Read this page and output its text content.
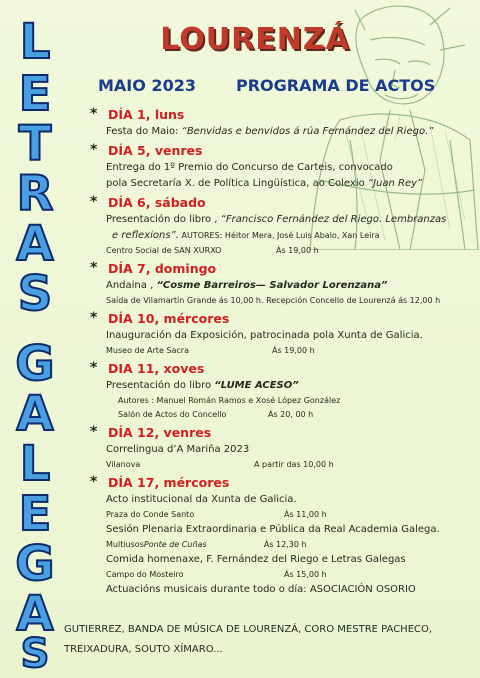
L
E
T
R
A
S
G
A
L
E
G
A
S
LOURENZÁ
MAIO 2023	PROGRAMA DE ACTOS
* DÍA 1, luns
Festa do Maio: “Benvidas e benvidos á rúa Fernández del Riego.”
* DÍA 5, venres
Entrega do 1º Premio do Concurso de Carteis, convocado
pola Secretaría X. de Política Lingüística, ao Colexio “Juan Rey”
* DÍA 6, sábado
Presentación do libro , “Francisco Fernández del Riego. Lembranzas
e reflexions”. AUTORES: Héitor Mera, José Luis Abalo, Xan Leira
Centro Social de SAN XURXO	Ás 19,00 h
* DÍA 7, domingo
Andaina , “Cosme Barreiros— Salvador Lorenzana”
Saída de Vilamartín Grande ás 10,00 h. Recepción Concello de Lourenzá ás 12,00 h
* DÍA 10, mércores
Inauguración da Exposición, patrocinada pola Xunta de Galicia.
Museo de Arte Sacra	Ás 19,00 h
* DIA 11, xoves
Presentación do libro “LUME ACESO”
Autores : Manuel Román Ramos e Xosé López González
Salón de Actos do Concello	Ás 20, 00 h
* DÍA 12, venres
Correlingua d’A Mariña 2023
Vilanova	A partir das 10,00 h
* DÍA 17, mércores
Acto institucional da Xunta de Galicia.
Praza do Conde Santo	Ás 11,00 h
Sesión Plenaria Extraordinaria e Pública da Real Academia Galega.
Multiusos Ponte de Cuñas	Ás 12,30 h
Comida homenaxe, F. Fernández del Riego e Letras Galegas
Campo do Mosteiro	Ás 15,00 h
Actuacións musicais durante todo o día: ASOCIACIÓN OSORIO
GUTIERREZ, BANDA DE MÚSICA DE LOURENZÁ, CORO MESTRE PACHECO,
TREIXADURA, SOUTO XÍMARO...
